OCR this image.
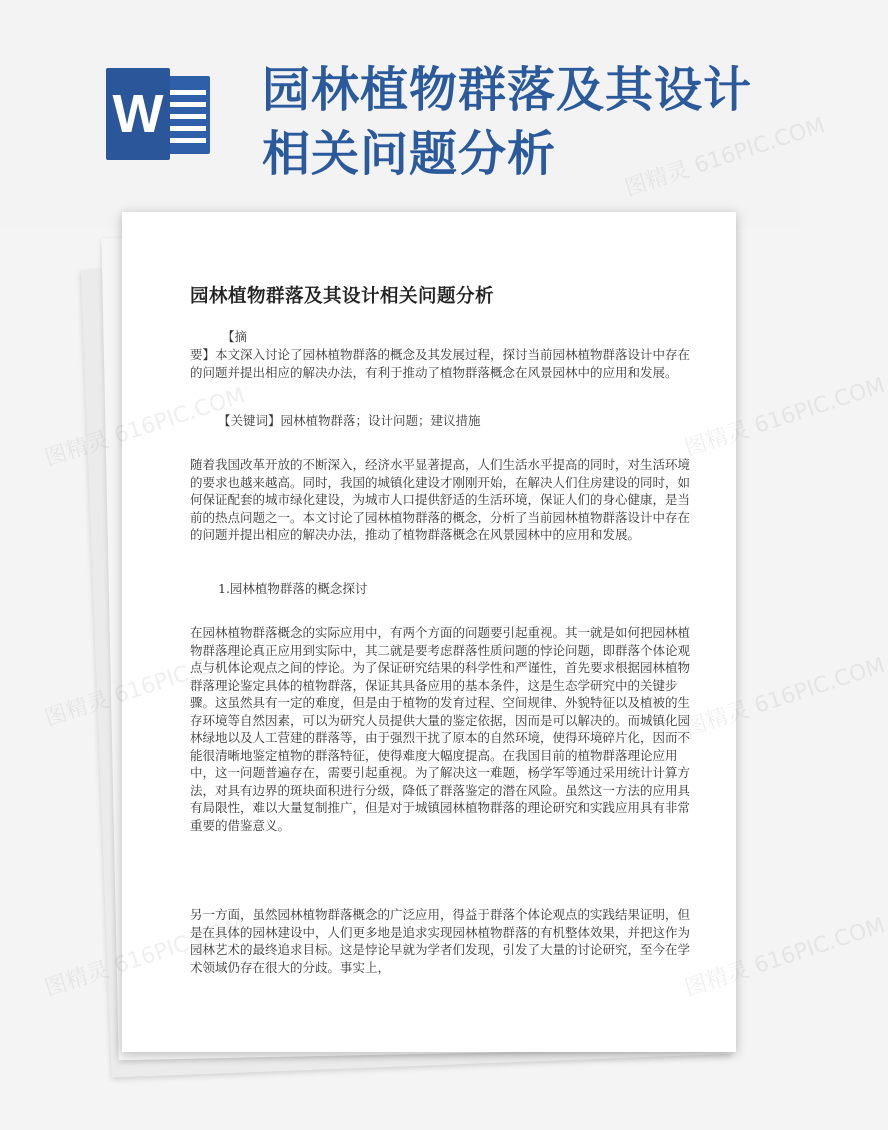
W 园林植物群落及其设计
相关问题分析
园林植物群落及其设计相关问题分析
【摘
要】本文深入讨论了园林植物群落的概念及其发展过程，探讨当前园林植物群落设计中存在的问题并提出相应的解决办法，有利于推动了植物群落概念在风景园林中的应用和发展。
【关键词】园林植物群落；设计问题；建议措施
随着我国改革开放的不断深入，经济水平显著提高，人们生活水平提高的同时，对生活环境的要求也越来越高。同时，我国的城镇化建设才刚刚开始，在解决人们住房建设的同时，如何保证配套的城市绿化建设，为城市人口提供舒适的生活环境，保证人们的身心健康，是当前的热点问题之一。本文讨论了园林植物群落的概念，分析了当前园林植物群落设计中存在的问题并提出相应的解决办法，推动了植物群落概念在风景园林中的应用和发展。
1.园林植物群落的概念探讨
在园林植物群落概念的实际应用中，有两个方面的问题要引起重视。其一就是如何把园林植物群落理论真正应用到实际中，其二就是要考虑群落性质问题的悖论问题，即群落个体论观点与机体论观点之间的悖论。为了保证研究结果的科学性和严谨性，首先要求根据园林植物群落理论鉴定具体的植物群落，保证其具备应用的基本条件，这是生态学研究中的关键步骤。这虽然具有一定的难度，但是由于植物的发育过程、空间规律、外貌特征以及植被的生存环境等自然因素，可以为研究人员提供大量的鉴定依据，因而是可以解决的。而城镇化园林绿地以及人工营建的群落等，由于强烈干扰了原本的自然环境，使得环境碎片化，因而不能很清晰地鉴定植物的群落特征，使得难度大幅度提高。在我国目前的植物群落理论应用中，这一问题普遍存在，需要引起重视。为了解决这一难题，杨学军等通过采用统计计算方法，对具有边界的斑块面积进行分级，降低了群落鉴定的潜在风险。虽然这一方法的应用具有局限性，难以大量复制推广，但是对于城镇园林植物群落的理论研究和实践应用具有非常重要的借鉴意义。
另一方面，虽然园林植物群落概念的广泛应用，得益于群落个体论观点的实践结果证明，但是在具体的园林建设中，人们更多地是追求实现园林植物群落的有机整体效果，并把这作为园林艺术的最终追求目标。这是悖论早就为学者们发现，引发了大量的讨论研究，至今在学术领域仍存在很大的分歧。事实上，
图精灵	图精灵 616PIC.COM
图精灵	图精灵 616PIC.COM
图精灵	图精灵 616PIC.COM
